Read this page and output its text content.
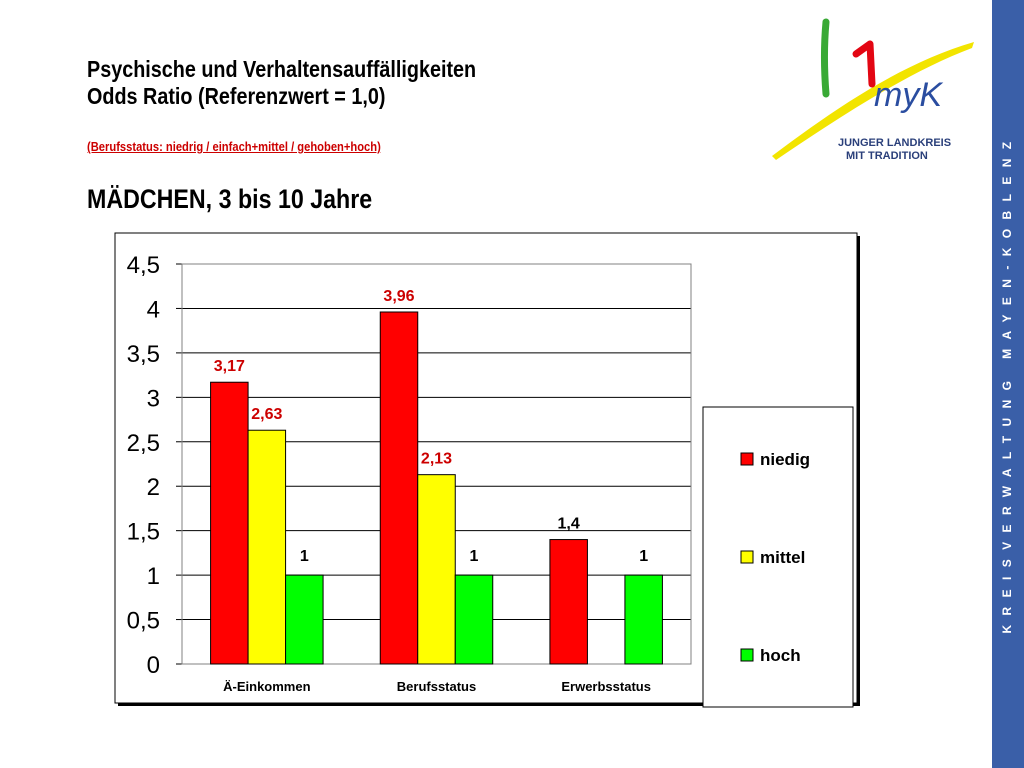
Psychische und Verhaltensauffälligkeiten
Odds Ratio (Referenzwert = 1,0)
(Berufsstatus: niedrig / einfach+mittel / gehoben+hoch)
MÄDCHEN, 3 bis 10 Jahre
myK
JUNGER LANDKREIS
MIT TRADITION	KREISVERWALTUNG MAYEN-KOBLENZ
0
0,5
1
1,5
2
2,5
3
3,5
4
4,5
3,17
2,63
1
Ä-Einkommen
3,96
2,13
1
Berufsstatus
1,4
1
Erwerbsstatus
niedig
mittel
hoch
